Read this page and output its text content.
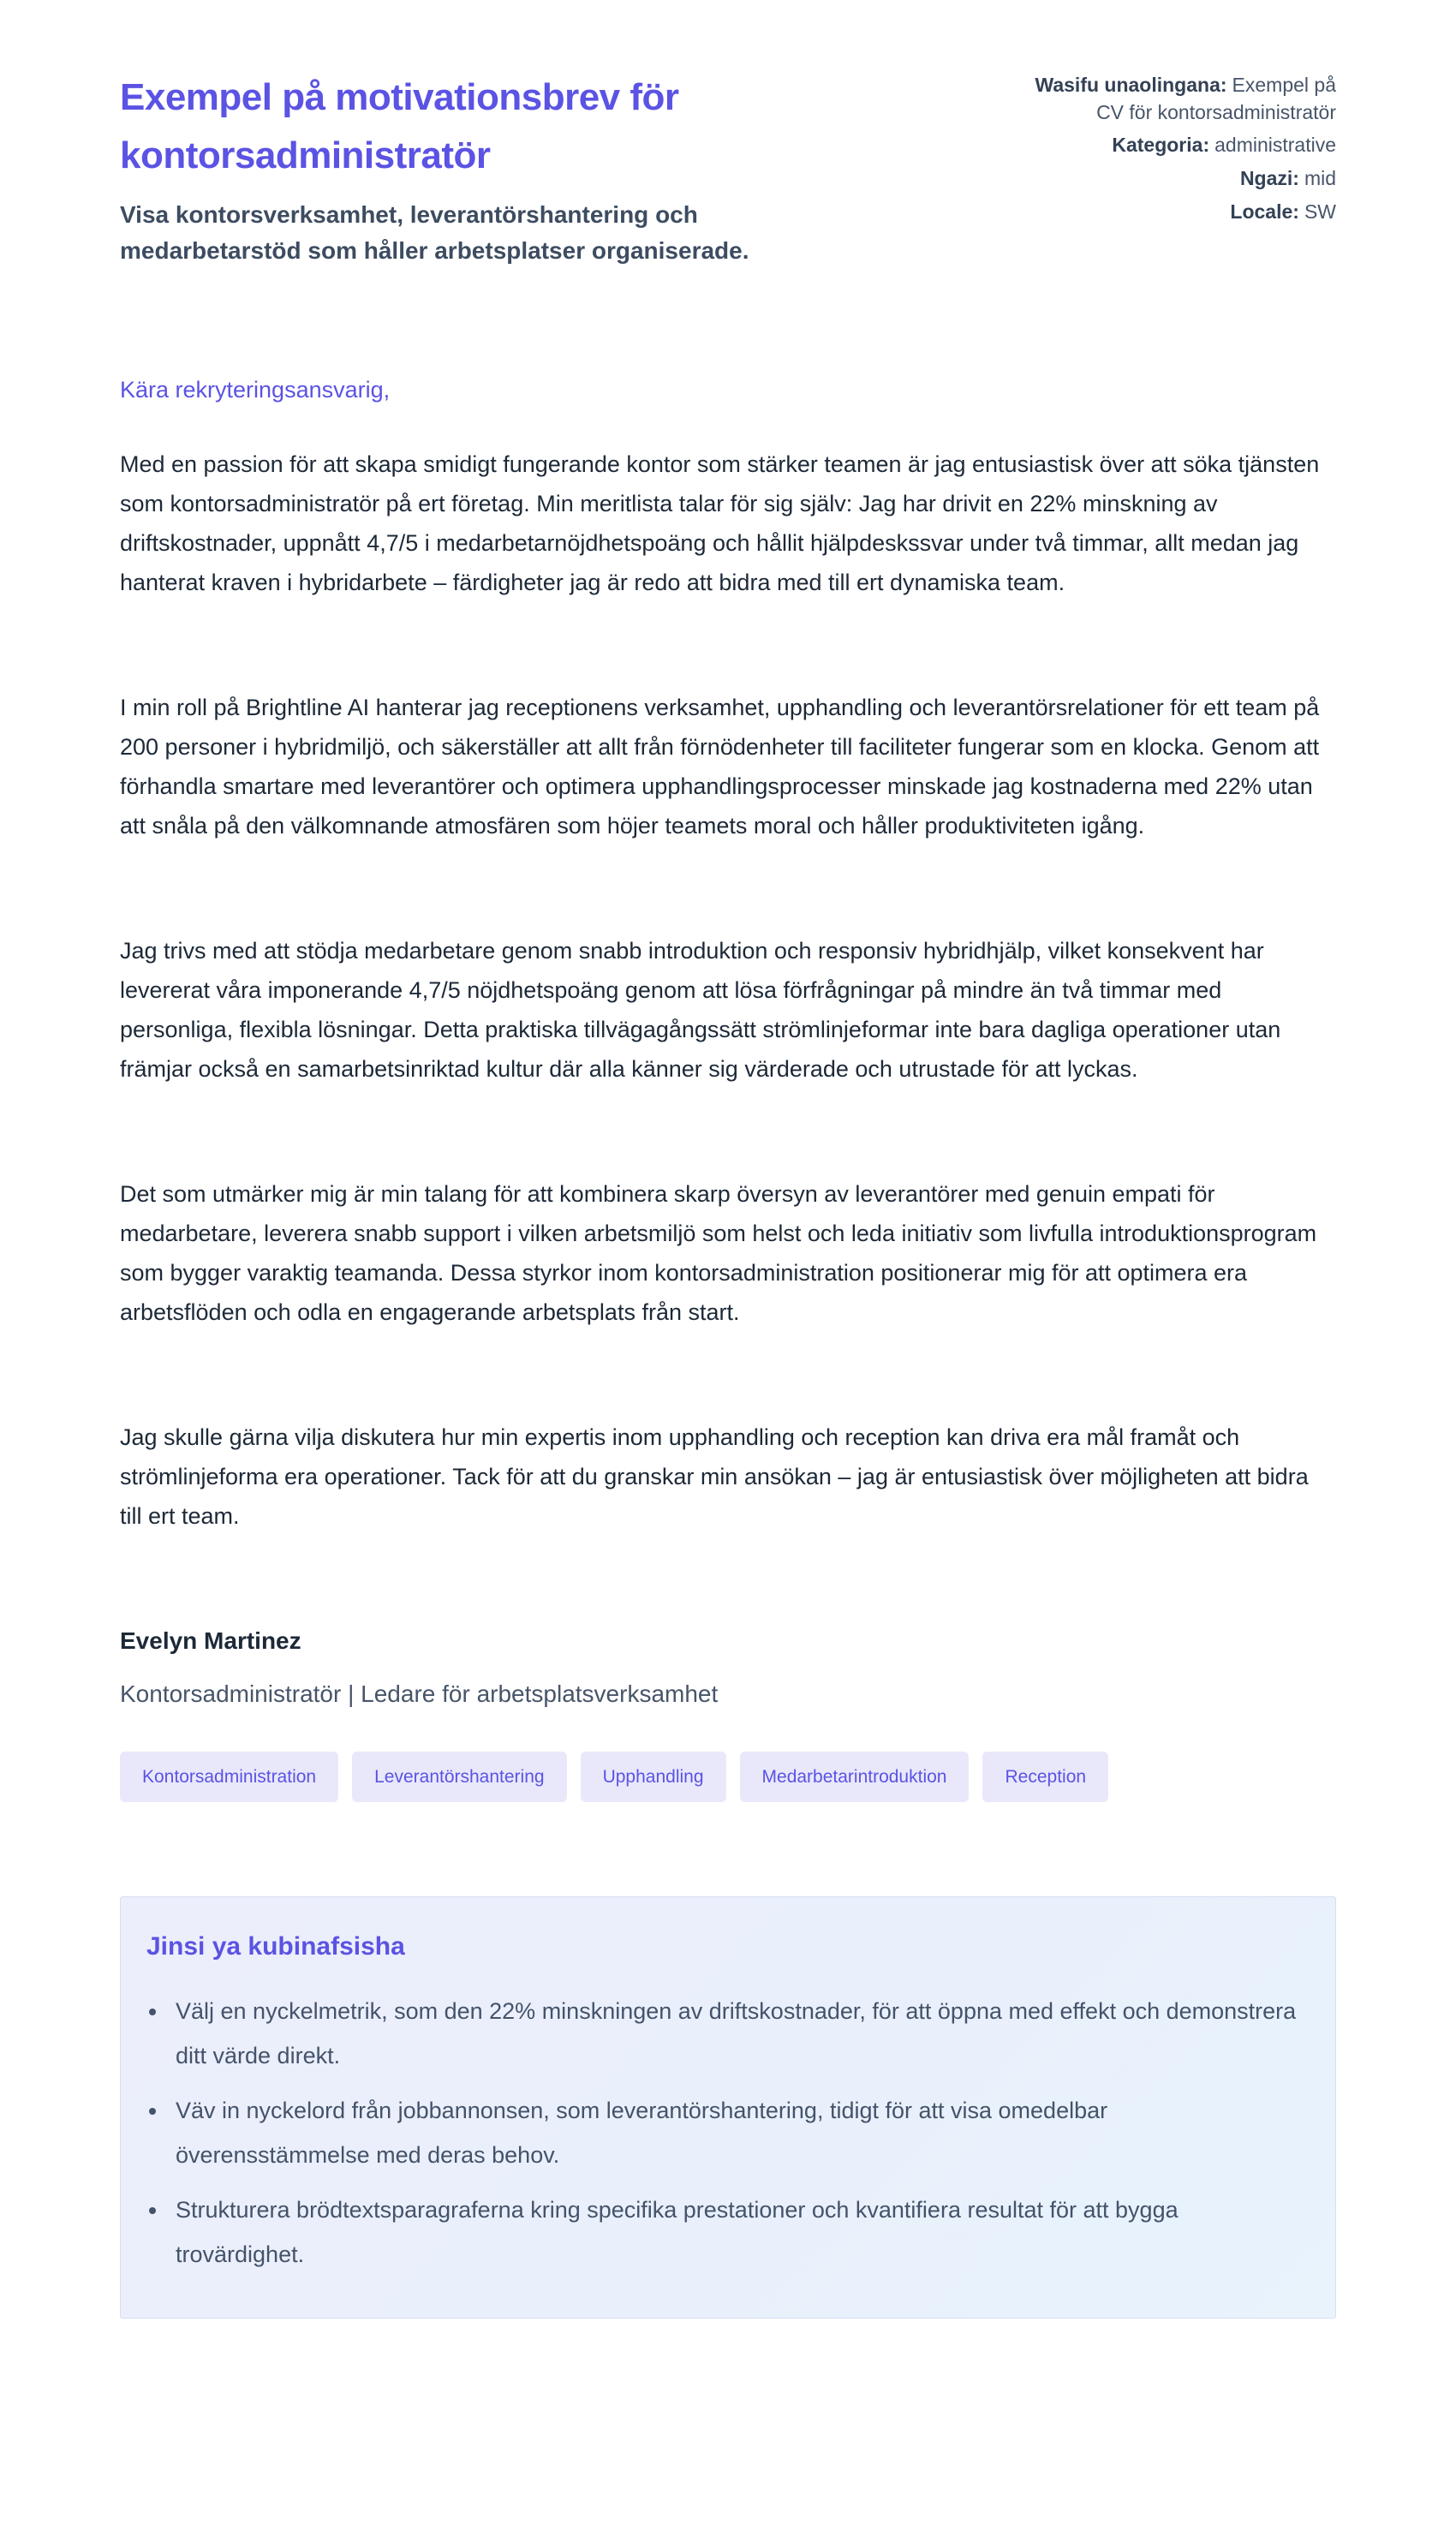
Exempel på motivationsbrev för kontorsadministratör

Visa kontorsverksamhet, leverantörshantering och medarbetarstöd som håller arbetsplatser organiserade.

Wasifu unaolingana: Exempel på CV för kontorsadministratör
Kategoria: administrative
Ngazi: mid
Locale: SW

Kära rekryteringsansvarig,

Med en passion för att skapa smidigt fungerande kontor som stärker teamen är jag entusiastisk över att söka tjänsten som kontorsadministratör på ert företag. Min meritlista talar för sig själv: Jag har drivit en 22% minskning av driftskostnader, uppnått 4,7/5 i medarbetarnöjdhetspoäng och hållit hjälpdeskssvar under två timmar, allt medan jag hanterat kraven i hybridarbete – färdigheter jag är redo att bidra med till ert dynamiska team.

I min roll på Brightline AI hanterar jag receptionens verksamhet, upphandling och leverantörsrelationer för ett team på 200 personer i hybridmiljö, och säkerställer att allt från förnödenheter till faciliteter fungerar som en klocka. Genom att förhandla smartare med leverantörer och optimera upphandlingsprocesser minskade jag kostnaderna med 22% utan att snåla på den välkomnande atmosfären som höjer teamets moral och håller produktiviteten igång.

Jag trivs med att stödja medarbetare genom snabb introduktion och responsiv hybridhjälp, vilket konsekvent har levererat våra imponerande 4,7/5 nöjdhetspoäng genom att lösa förfrågningar på mindre än två timmar med personliga, flexibla lösningar. Detta praktiska tillvägagångssätt strömlinjeformar inte bara dagliga operationer utan främjar också en samarbetsinriktad kultur där alla känner sig värderade och utrustade för att lyckas.

Det som utmärker mig är min talang för att kombinera skarp översyn av leverantörer med genuin empati för medarbetare, leverera snabb support i vilken arbetsmiljö som helst och leda initiativ som livfulla introduktionsprogram som bygger varaktig teamanda. Dessa styrkor inom kontorsadministration positionerar mig för att optimera era arbetsflöden och odla en engagerande arbetsplats från start.

Jag skulle gärna vilja diskutera hur min expertis inom upphandling och reception kan driva era mål framåt och strömlinjeforma era operationer. Tack för att du granskar min ansökan – jag är entusiastisk över möjligheten att bidra till ert team.

Evelyn Martinez

Kontorsadministratör | Ledare för arbetsplatsverksamhet

Kontorsadministration	Leverantörshantering	Upphandling	Medarbetarintroduktion	Reception
Jinsi ya kubinafsisha
• Välj en nyckelmetrik, som den 22% minskningen av driftskostnader, för att öppna med effekt och demonstrera ditt värde direkt.
• Väv in nyckelord från jobbannonsen, som leverantörshantering, tidigt för att visa omedelbar överensstämmelse med deras behov.
• Strukturera brödtextsparagraferna kring specifika prestationer och kvantifiera resultat för att bygga trovärdighet.
